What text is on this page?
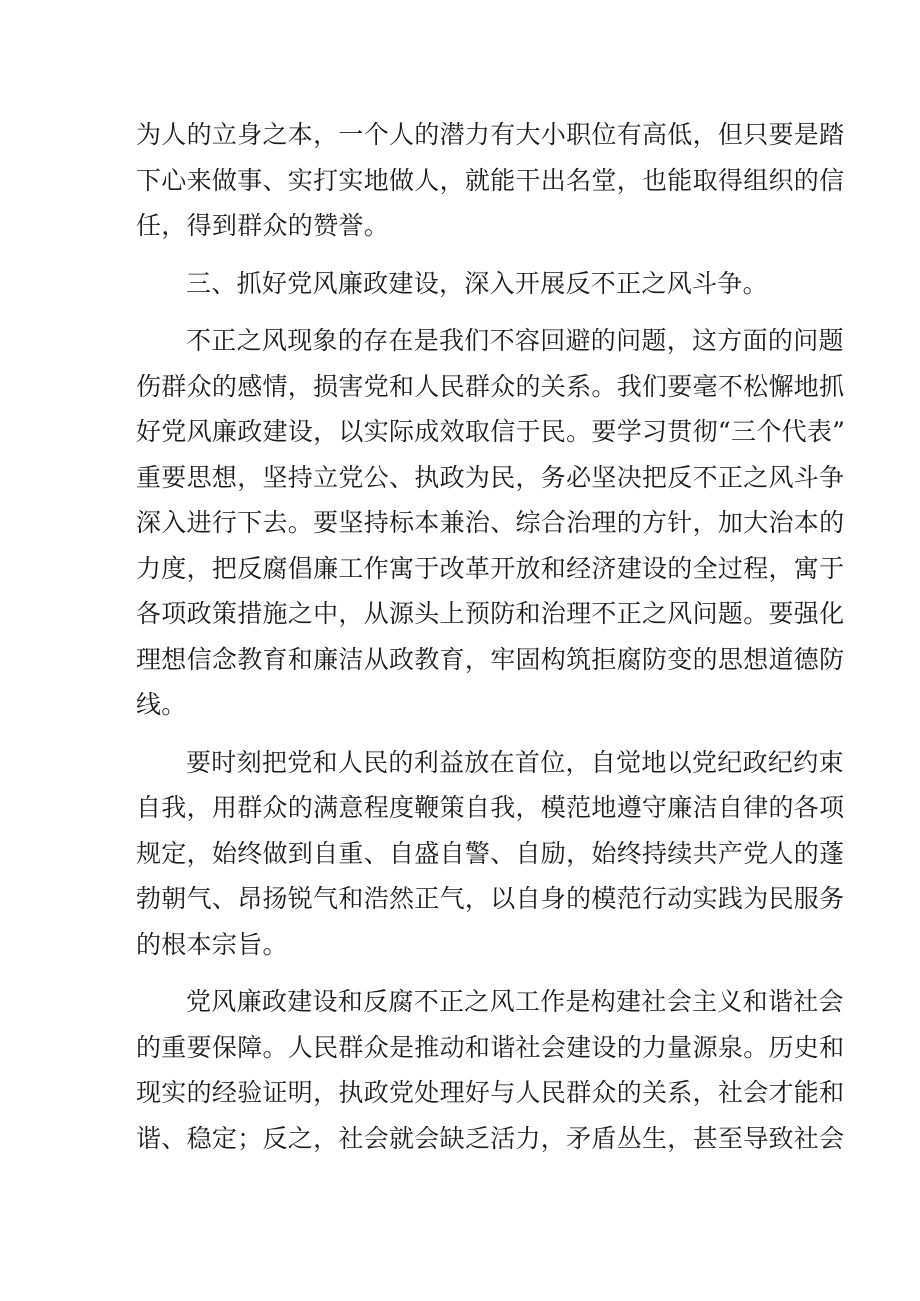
为人的立身之本，一个人的潜力有大小职位有高低，但只要是踏
下心来做事、实打实地做人，就能干出名堂，也能取得组织的信
任，得到群众的赞誉。
三、抓好党风廉政建设，深入开展反不正之风斗争。
不正之风现象的存在是我们不容回避的问题，这方面的问题
伤群众的感情，损害党和人民群众的关系。我们要毫不松懈地抓
好党风廉政建设，以实际成效取信于民。要学习贯彻“三个代表”
重要思想，坚持立党公、执政为民，务必坚决把反不正之风斗争
深入进行下去。要坚持标本兼治、综合治理的方针，加大治本的
力度，把反腐倡廉工作寓于改革开放和经济建设的全过程，寓于
各项政策措施之中，从源头上预防和治理不正之风问题。要强化
理想信念教育和廉洁从政教育，牢固构筑拒腐防变的思想道德防
线。
要时刻把党和人民的利益放在首位，自觉地以党纪政纪约束
自我，用群众的满意程度鞭策自我，模范地遵守廉洁自律的各项
规定，始终做到自重、自盛自警、自励，始终持续共产党人的蓬
勃朝气、昂扬锐气和浩然正气，以自身的模范行动实践为民服务
的根本宗旨。
党风廉政建设和反腐不正之风工作是构建社会主义和谐社会
的重要保障。人民群众是推动和谐社会建设的力量源泉。历史和
现实的经验证明，执政党处理好与人民群众的关系，社会才能和
谐、稳定；反之，社会就会缺乏活力，矛盾丛生，甚至导致社会
